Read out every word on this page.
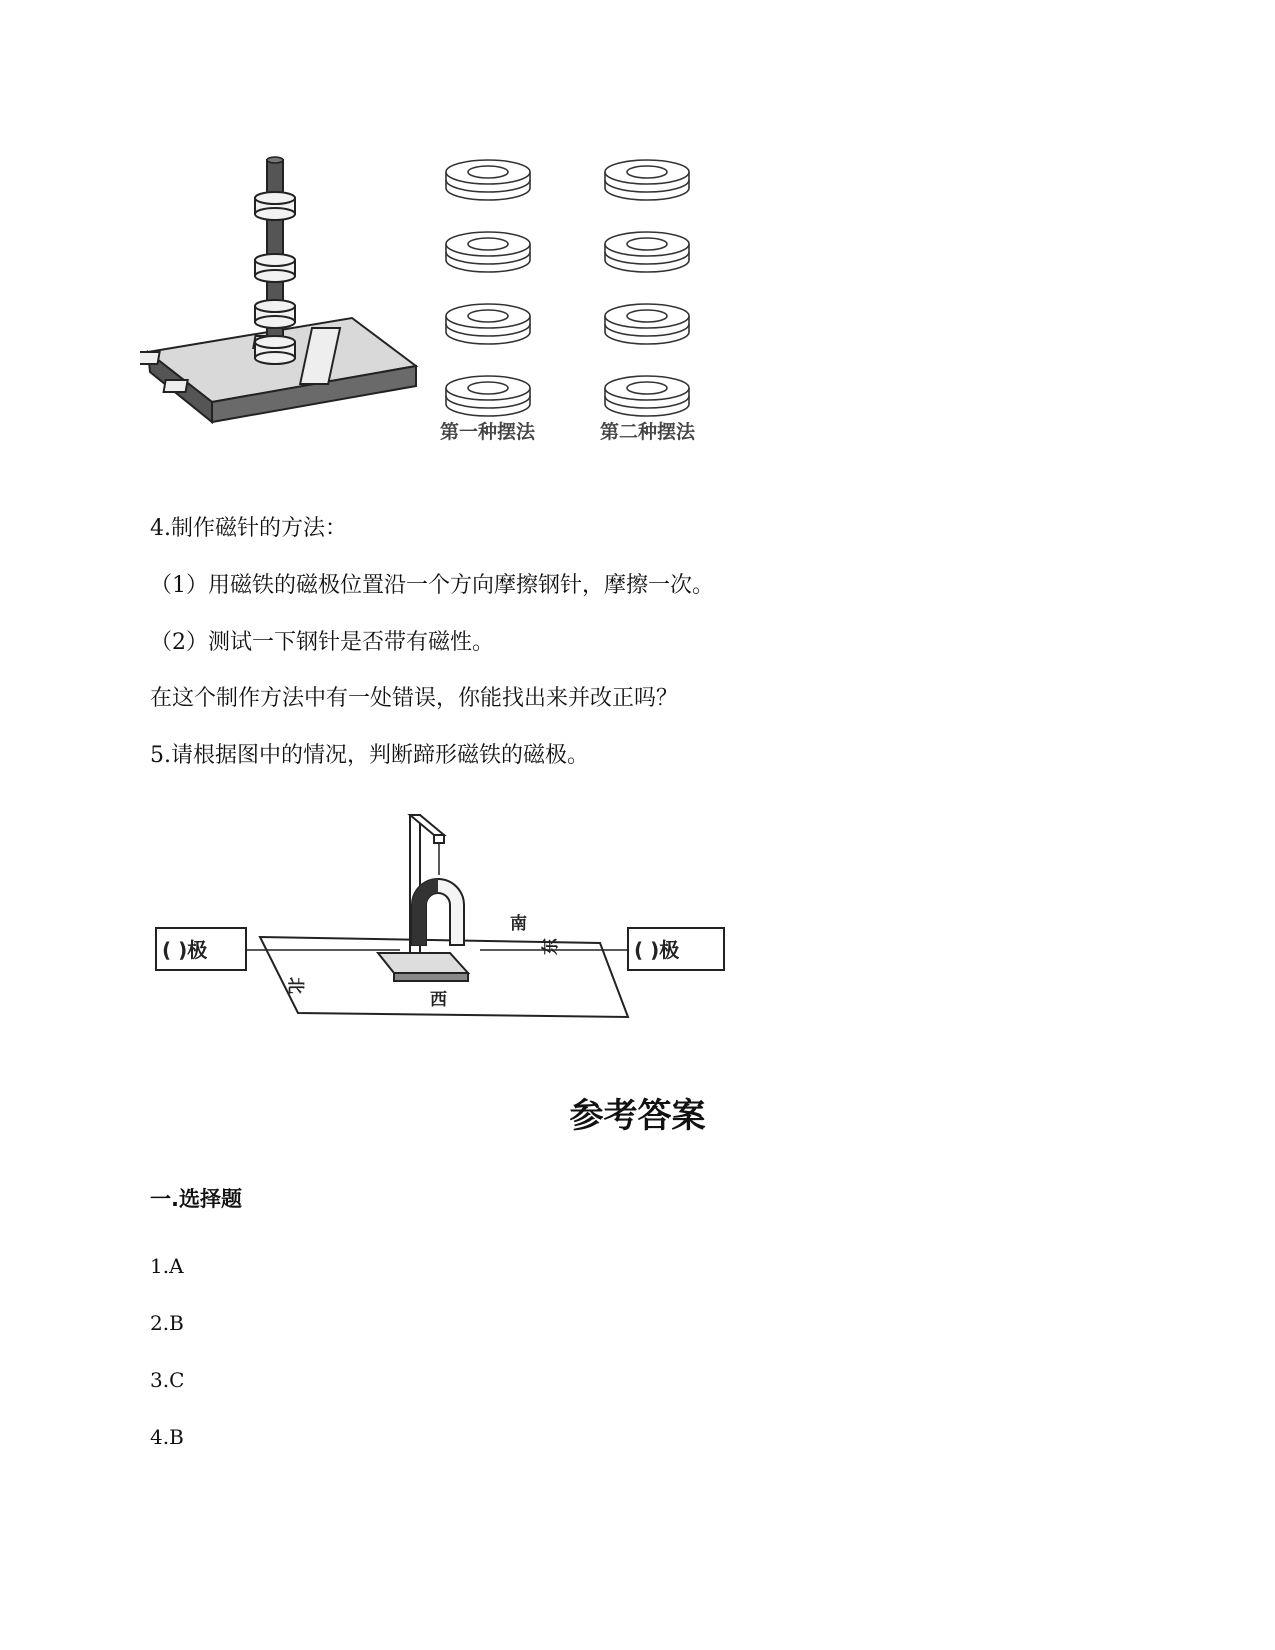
第一种摆法	第二种摆法
4.制作磁针的方法：
（1）用磁铁的磁极位置沿一个方向摩擦钢针，摩擦一次。
（2）测试一下钢针是否带有磁性。
在这个制作方法中有一处错误，你能找出来并改正吗？
5.请根据图中的情况，判断蹄形磁铁的磁极。
( )极	( )极
北
西
南
东
参考答案
一.选择题
1.A
2.B
3.C
4.B
